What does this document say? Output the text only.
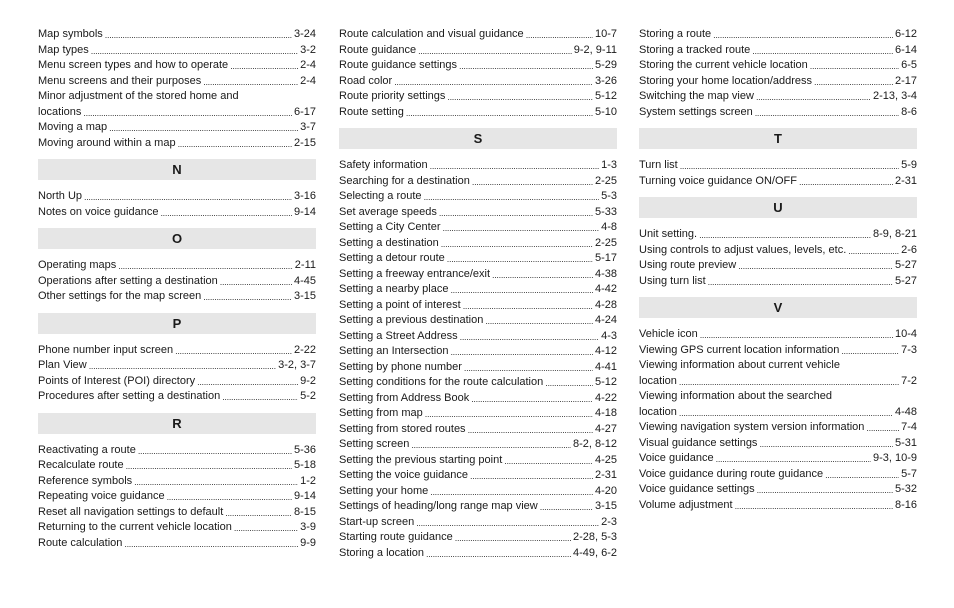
Map symbols . . .	3-24
Map types . . .	3-2
Menu screen types and how to operate . . .	2-4
Menu screens and their purposes . . .	2-4
Minor adjustment of the stored home and
locations . . .	6-17
Moving a map . . .	3-7
Moving around within a map . . .	2-15
N
North Up . . .	3-16
Notes on voice guidance . . .	9-14
O
Operating maps . . .	2-11
Operations after setting a destination . . .	4-45
Other settings for the map screen . . .	3-15
P
Phone number input screen . . .	2-22
Plan View . . .	3-2, 3-7
Points of Interest (POI) directory . . .	9-2
Procedures after setting a destination . . .	5-2
R
Reactivating a route . . .	5-36
Recalculate route . . .	5-18
Reference symbols . . .	1-2
Repeating voice guidance . . .	9-14
Reset all navigation settings to default . . .	8-15
Returning to the current vehicle location . . .	3-9
Route calculation . . .	9-9
Route calculation and visual guidance . . .	10-7
Route guidance . . .	9-2, 9-11
Route guidance settings . . .	5-29
Road color . . .	3-26
Route priority settings . . .	5-12
Route setting . . .	5-10
S
Safety information . . .	1-3
Searching for a destination . . .	2-25
Selecting a route . . .	5-3
Set average speeds . . .	5-33
Setting a City Center . . .	4-8
Setting a destination . . .	2-25
Setting a detour route . . .	5-17
Setting a freeway entrance/exit . . .	4-38
Setting a nearby place . . .	4-42
Setting a point of interest . . .	4-28
Setting a previous destination . . .	4-24
Setting a Street Address . . .	4-3
Setting an Intersection . . .	4-12
Setting by phone number . . .	4-41
Setting conditions for the route calculation . . .	5-12
Setting from Address Book . . .	4-22
Setting from map . . .	4-18
Setting from stored routes . . .	4-27
Setting screen . . .	8-2, 8-12
Setting the previous starting point . . .	4-25
Setting the voice guidance . . .	2-31
Setting your home . . .	4-20
Settings of heading/long range map view . . .	3-15
Start-up screen . . .	2-3
Starting route guidance . . .	2-28, 5-3
Storing a location . . .	4-49, 6-2
Storing a route . . .	6-12
Storing a tracked route . . .	6-14
Storing the current vehicle location . . .	6-5
Storing your home location/address . . .	2-17
Switching the map view . . .	2-13, 3-4
System settings screen . . .	8-6
T
Turn list . . .	5-9
Turning voice guidance ON/OFF . . .	2-31
U
Unit setting. . . .	8-9, 8-21
Using controls to adjust values, levels, etc. . . .	2-6
Using route preview . . .	5-27
Using turn list . . .	5-27
V
Vehicle icon . . .	10-4
Viewing GPS current location information . . .	7-3
Viewing information about current vehicle
location . . .	7-2
Viewing information about the searched
location . . .	4-48
Viewing navigation system version information . . .	7-4
Visual guidance settings . . .	5-31
Voice guidance . . .	9-3, 10-9
Voice guidance during route guidance . . .	5-7
Voice guidance settings . . .	5-32
Volume adjustment . . .	8-16
